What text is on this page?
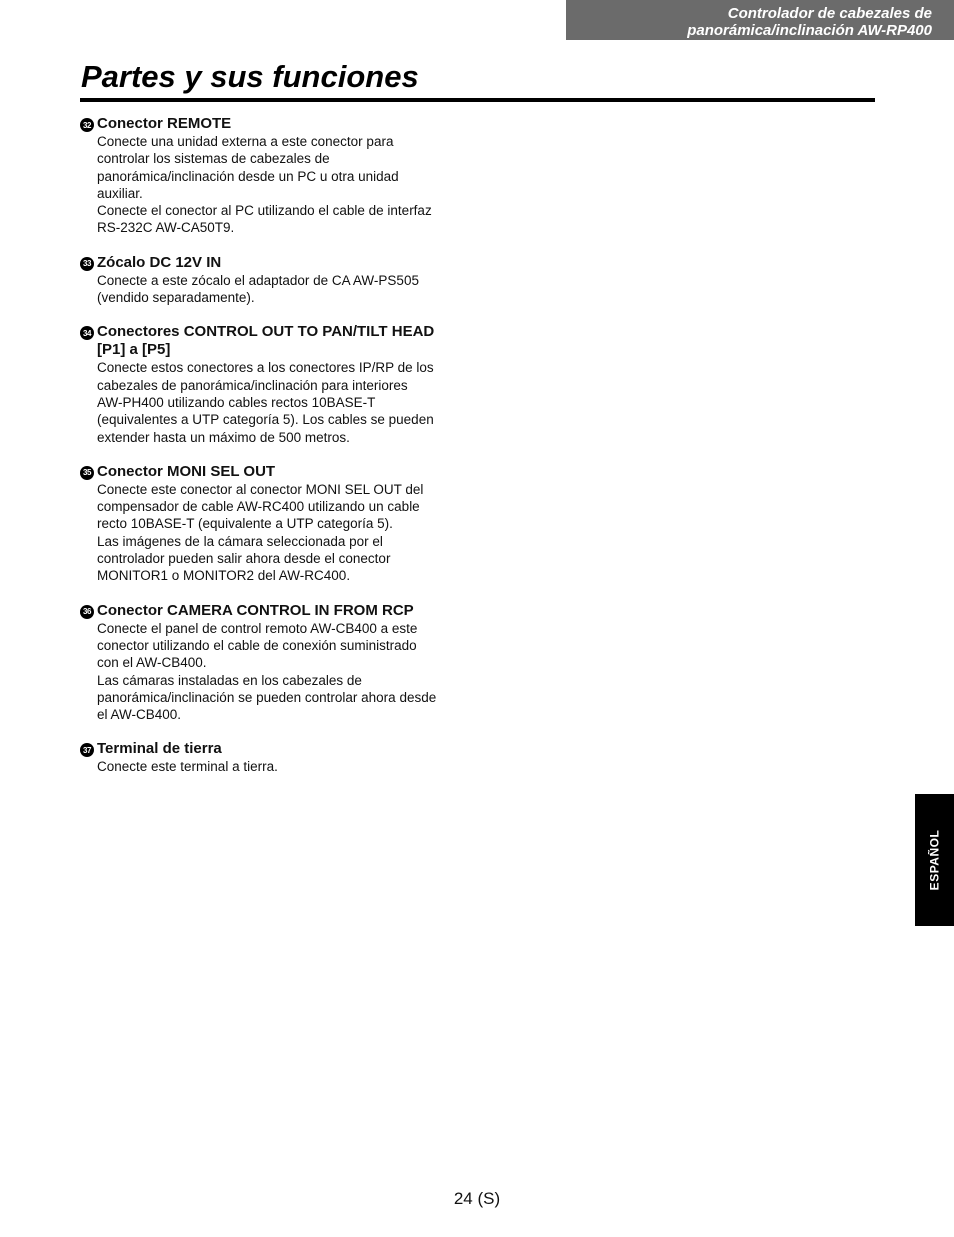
Controlador de cabezales de
panorámica/inclinación AW-RP400
Partes y sus funciones
32 Conector REMOTE
Conecte una unidad externa a este conector para
controlar los sistemas de cabezales de
panorámica/inclinación desde un PC u otra unidad
auxiliar.
Conecte el conector al PC utilizando el cable de interfaz
RS-232C AW-CA50T9.
33 Zócalo DC 12V IN
Conecte a este zócalo el adaptador de CA AW-PS505
(vendido separadamente).
34 Conectores CONTROL OUT TO PAN/TILT HEAD [P1] a [P5]
Conecte estos conectores a los conectores IP/RP de los
cabezales de panorámica/inclinación para interiores
AW-PH400 utilizando cables rectos 10BASE-T
(equivalentes a UTP categoría 5). Los cables se pueden
extender hasta un máximo de 500 metros.
35 Conector MONI SEL OUT
Conecte este conector al conector MONI SEL OUT del
compensador de cable AW-RC400 utilizando un cable
recto 10BASE-T (equivalente a UTP categoría 5).
Las imágenes de la cámara seleccionada por el
controlador pueden salir ahora desde el conector
MONITOR1 o MONITOR2 del AW-RC400.
36 Conector CAMERA CONTROL IN FROM RCP
Conecte el panel de control remoto AW-CB400 a este
conector utilizando el cable de conexión suministrado
con el AW-CB400.
Las cámaras instaladas en los cabezales de
panorámica/inclinación se pueden controlar ahora desde
el AW-CB400.
37 Terminal de tierra
Conecte este terminal a tierra.
ESPAÑOL
24 (S)
